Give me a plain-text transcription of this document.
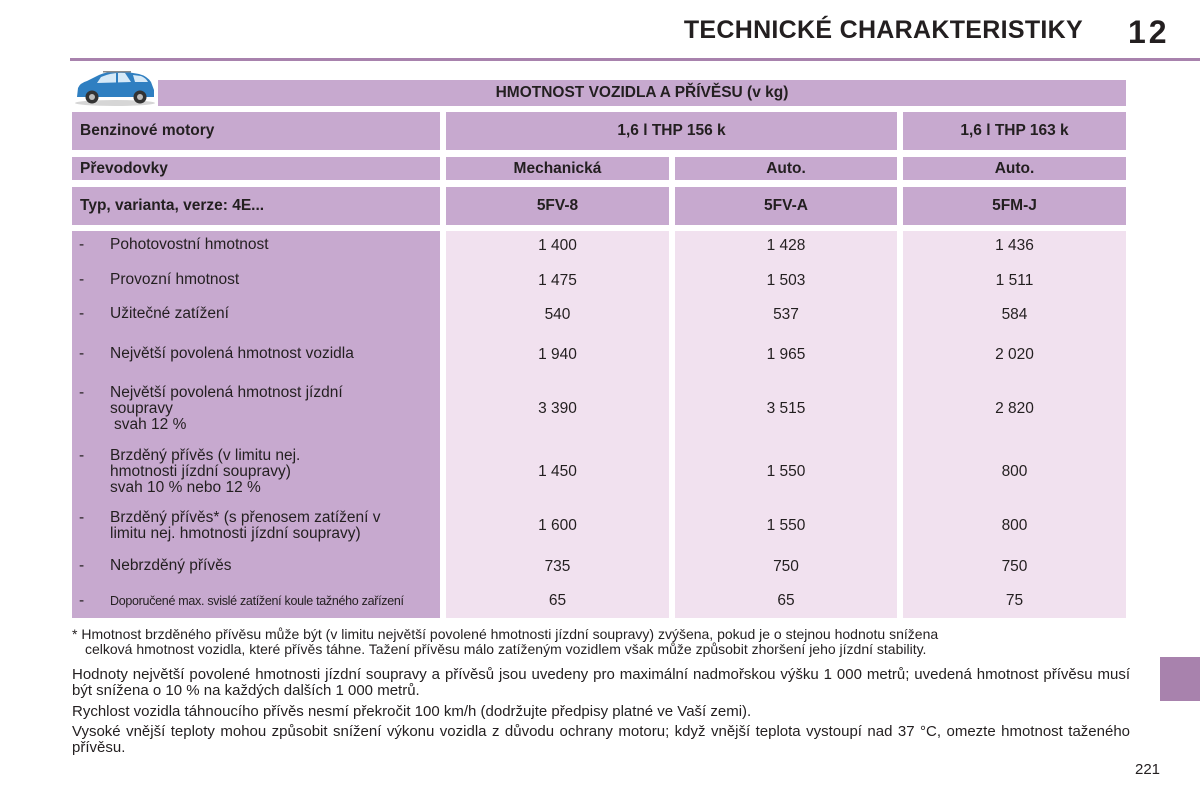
TECHNICKÉ CHARAKTERISTIKY 12
HMOTNOST VOZIDLA A PŘÍVĚSU (v kg)
Benzinové motory	1,6 l THP 156 k	1,6 l THP 163 k
Převodovky	Mechanická	Auto.	Auto.
Typ, varianta, verze: 4E...	5FV-8	5FV-A	5FM-J
- Pohotovostní hmotnost	1 400	1 428	1 436
- Provozní hmotnost	1 475	1 503	1 511
- Užitečné zatížení	540	537	584
- Největší povolená hmotnost vozidla	1 940	1 965	2 020
- Největší povolená hmotnost jízdní
soupravy
svah 12 %
3 390	3 515	2 820
- Brzděný přívěs (v limitu nej.
hmotnosti jízdní soupravy)
svah 10 % nebo 12 %
1 450	1 550	800
- Brzděný přívěs* (s přenosem zatížení v
limitu nej. hmotnosti jízdní soupravy)	1 600	1 550	800
- Nebrzděný přívěs	735	750	750
- Doporučené max. svislé zatížení koule tažného zařízení	65	65	75
* Hmotnost brzděného přívěsu může být (v limitu největší povolené hmotnosti jízdní soupravy) zvýšena, pokud je o stejnou hodnotu snížena
celková hmotnost vozidla, které přívěs táhne. Tažení přívěsu málo zatíženým vozidlem však může způsobit zhoršení jeho jízdní stability.
Hodnoty největší povolené hmotnosti jízdní soupravy a přívěsů jsou uvedeny pro maximální nadmořskou výšku 1 000 metrů; uvedená hmotnost přívěsu musí být snížena o 10 % na každých dalších 1 000 metrů.
Rychlost vozidla táhnoucího přívěs nesmí překročit 100 km/h (dodržujte předpisy platné ve Vaší zemi).
Vysoké vnější teploty mohou způsobit snížení výkonu vozidla z důvodu ochrany motoru; když vnější teplota vystoupí nad 37 °C, omezte hmotnost taženého přívěsu.
221
